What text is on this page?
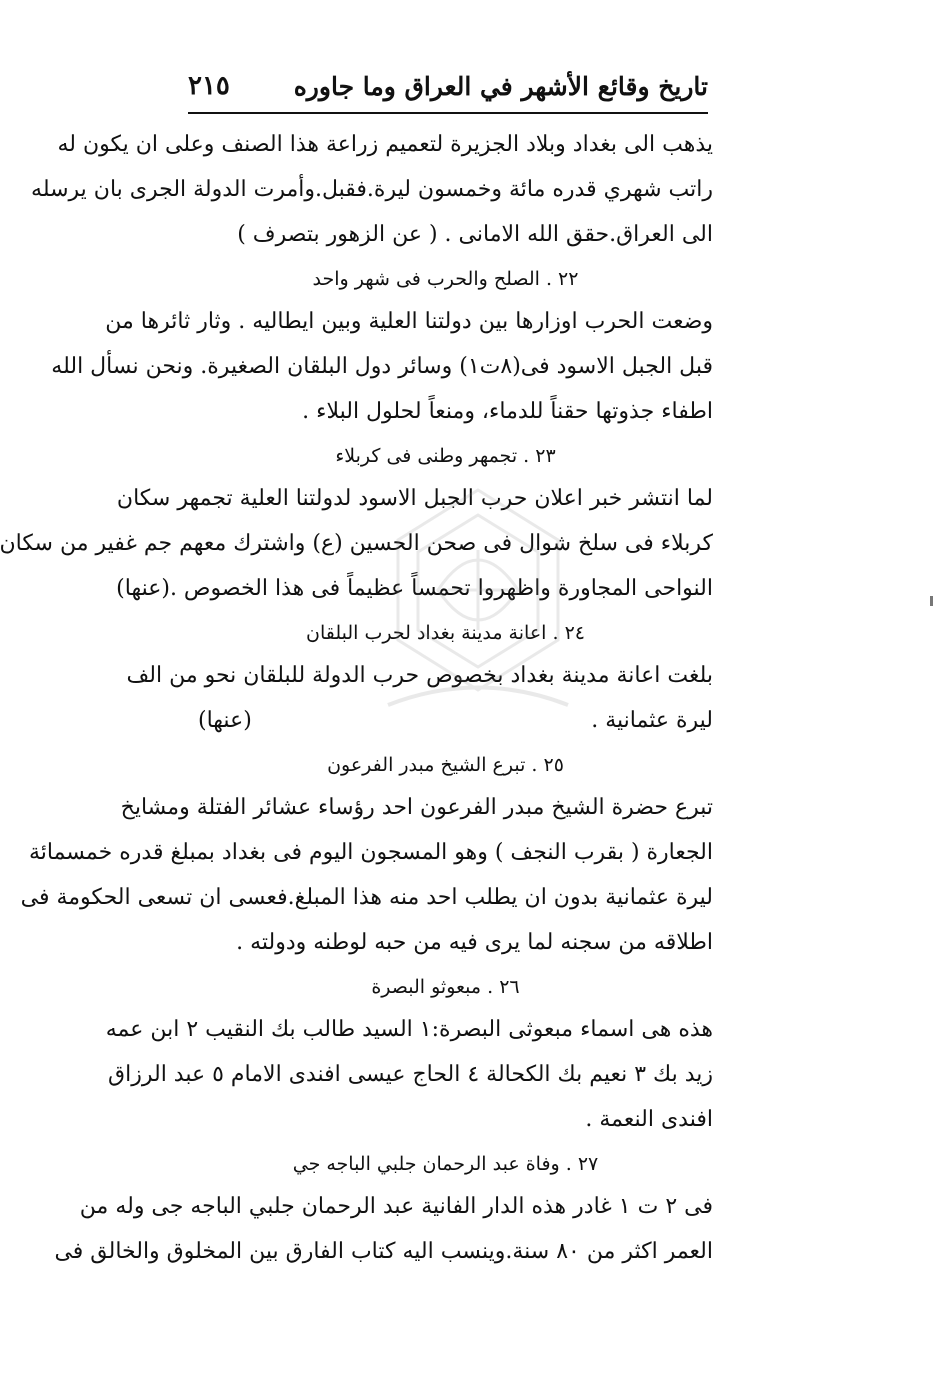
تاريخ وقائع الأشهر في العراق وما جاوره
٢١٥
يذهب الى بغداد وبلاد الجزيرة لتعميم زراعة هذا الصنف وعلى ان يكون له
راتب شهري قدره مائة وخمسون ليرة.فقبل.وأمرت الدولة الجرى بان يرسله
الى العراق.حقق الله الامانى . ( عن الزهور بتصرف )
٢٢ . الصلح والحرب فى شهر واحد
وضعت الحرب اوزارها بين دولتنا العلية وبين ايطاليه . وثار ثائرها من
قبل الجبل الاسود فى(٨ت١) وسائر دول البلقان الصغيرة. ونحن نسأل الله
اطفاء جذوتها حقناً للدماء، ومنعاً لحلول البلاء .
٢٣ . تجمهر وطنى فى كربلاء
لما انتشر خبر اعلان حرب الجبل الاسود لدولتنا العلية تجمهر سكان
كربلاء فى سلخ شوال فى صحن الحسين (ع) واشترك معهم جم غفير من سكان
النواحى المجاورة واظهروا تحمساً عظيماً فى هذا الخصوص .
(عنها)
٢٤ . اعانة مدينة بغداد لحرب البلقان
بلغت اعانة مدينة بغداد بخصوص حرب الدولة للبلقان نحو من الف
ليرة عثمانية .
(عنها)
٢٥ . تبرع الشيخ مبدر الفرعون
تبرع حضرة الشيخ مبدر الفرعون احد رؤساء عشائر الفتلة ومشايخ
الجعارة ( بقرب النجف ) وهو المسجون اليوم فى بغداد بمبلغ قدره خمسمائة
ليرة عثمانية بدون ان يطلب احد منه هذا المبلغ.فعسى ان تسعى الحكومة فى
اطلاقه من سجنه لما يرى فيه من حبه لوطنه ودولته .
٢٦ . مبعوثو البصرة
هذه هى اسماء مبعوثى البصرة:١ السيد طالب بك النقيب ٢ ابن عمه
زيد بك ٣ نعيم بك الكحالة ٤ الحاج عيسى افندى الامام ٥ عبد الرزاق
افندى النعمة .
٢٧ . وفاة عبد الرحمان جلبي الباجه جي
فى ٢ ت ١ غادر هذه الدار الفانية عبد الرحمان جلبي الباجه جى وله من
العمر اكثر من ٨٠ سنة.وينسب اليه كتاب الفارق بين المخلوق والخالق فى
